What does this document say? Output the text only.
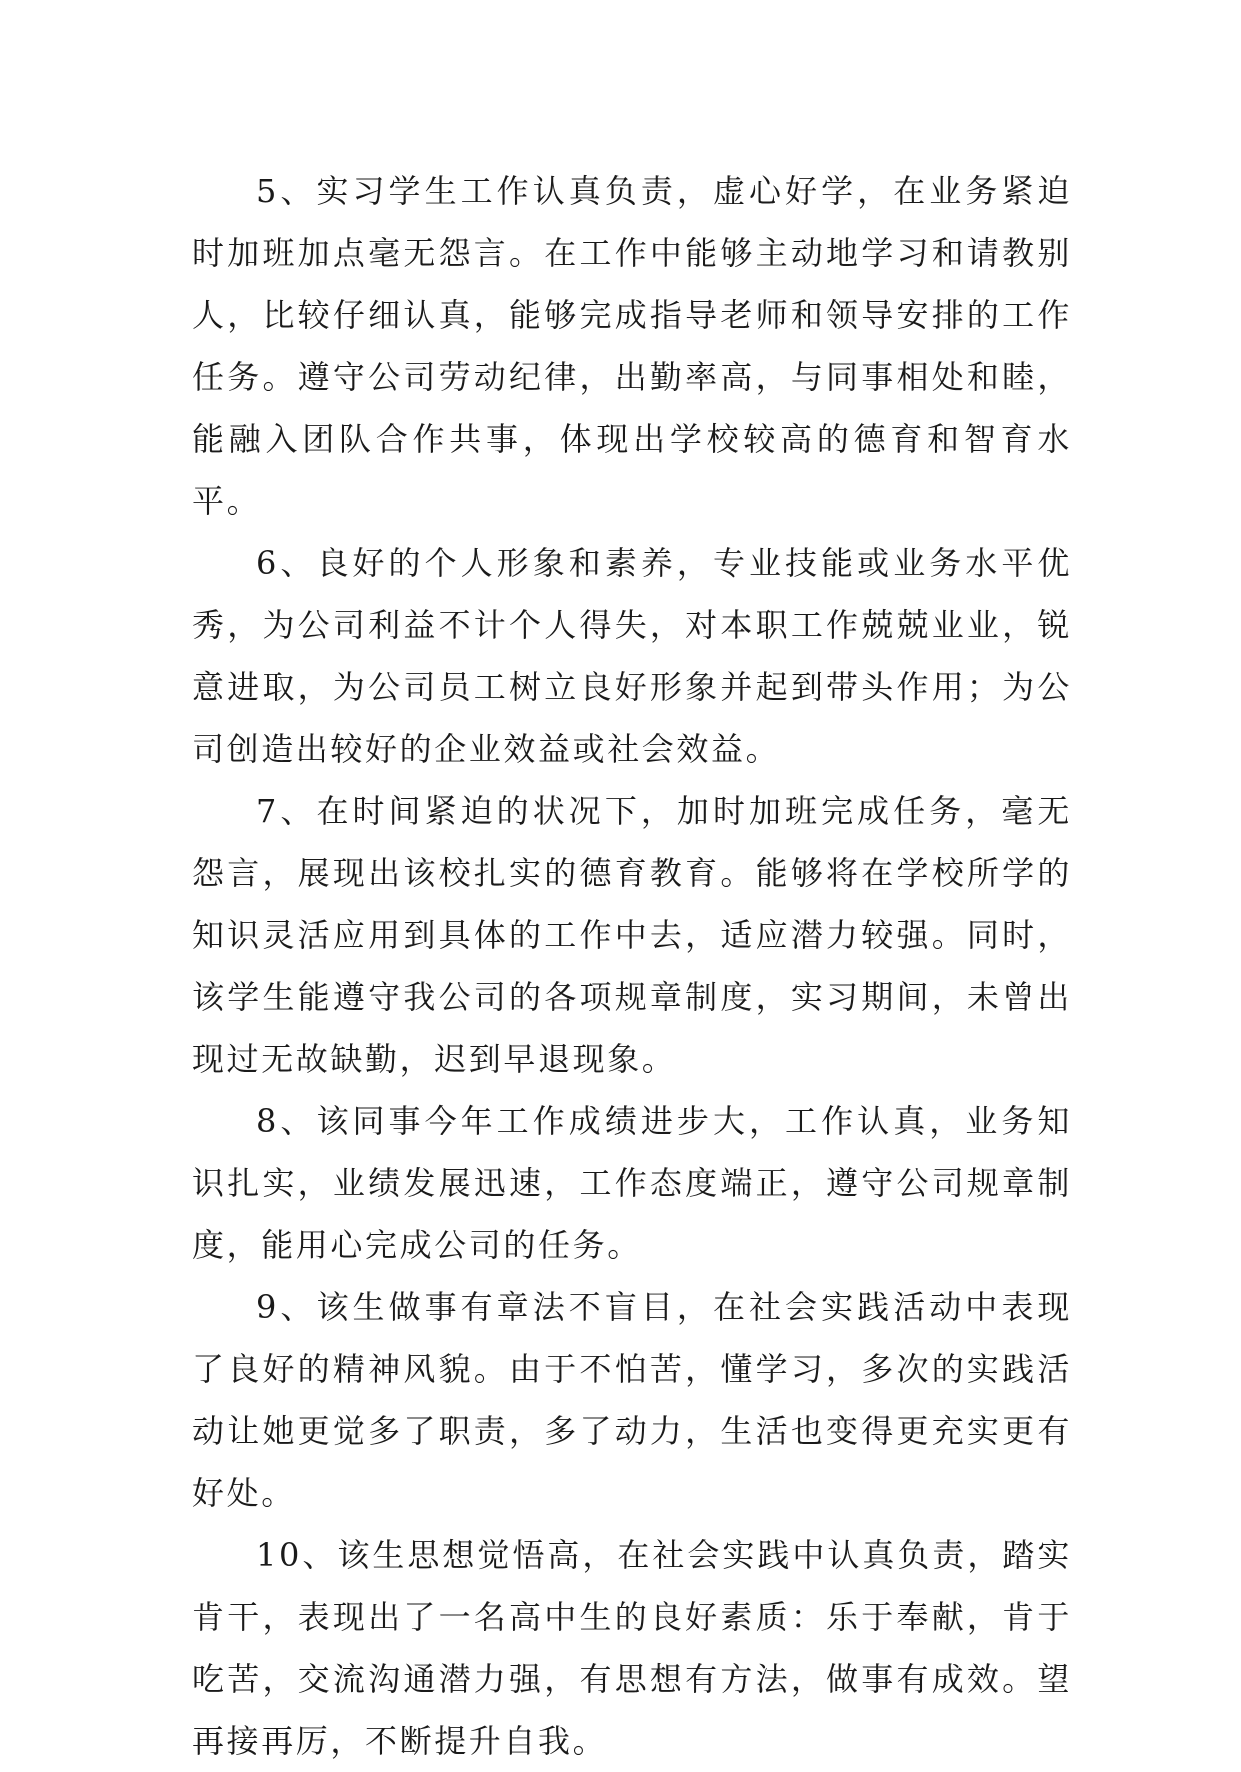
5、实习学生工作认真负责，虚心好学，在业务紧迫时加班加点毫无怨言。在工作中能够主动地学习和请教别人，比较仔细认真，能够完成指导老师和领导安排的工作任务。遵守公司劳动纪律，出勤率高，与同事相处和睦，能融入团队合作共事，体现出学校较高的德育和智育水平。

6、良好的个人形象和素养，专业技能或业务水平优秀，为公司利益不计个人得失，对本职工作兢兢业业，锐意进取，为公司员工树立良好形象并起到带头作用；为公司创造出较好的企业效益或社会效益。

7、在时间紧迫的状况下，加时加班完成任务，毫无怨言，展现出该校扎实的德育教育。能够将在学校所学的知识灵活应用到具体的工作中去，适应潜力较强。同时，该学生能遵守我公司的各项规章制度，实习期间，未曾出现过无故缺勤，迟到早退现象。

8、该同事今年工作成绩进步大，工作认真，业务知识扎实，业绩发展迅速，工作态度端正，遵守公司规章制度，能用心完成公司的任务。

9、该生做事有章法不盲目，在社会实践活动中表现了良好的精神风貌。由于不怕苦，懂学习，多次的实践活动让她更觉多了职责，多了动力，生活也变得更充实更有好处。

10、该生思想觉悟高，在社会实践中认真负责，踏实肯干，表现出了一名高中生的良好素质：乐于奉献，肯于吃苦，交流沟通潜力强，有思想有方法，做事有成效。望再接再厉，不断提升自我。
